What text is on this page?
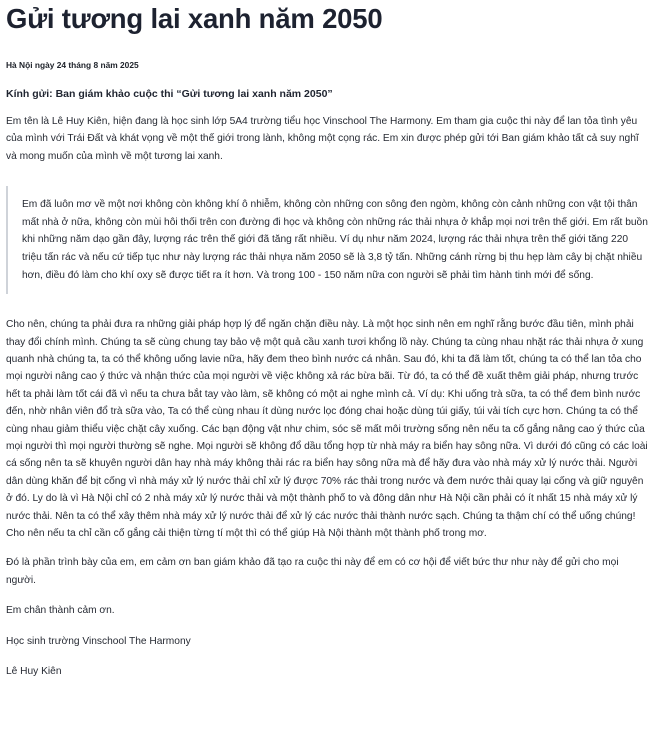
Gửi tương lai xanh năm 2050
Hà Nội ngày 24 tháng 8 năm 2025
Kính gửi: Ban giám khảo cuộc thi “Gửi tương lai xanh năm 2050”

Em tên là Lê Huy Kiên, hiện đang là học sinh lớp 5A4 trường tiểu học Vinschool The Harmony. Em tham gia cuộc thi này để lan tỏa tình yêu của mình với Trái Đất và khát vọng về một thế giới trong lành, không một cọng rác. Em xin được phép gửi tới Ban giám khảo tất cả suy nghĩ và mong muốn của mình về một tương lai xanh.

Em đã luôn mơ về một nơi không còn không khí ô nhiễm, không còn những con sông đen ngòm, không còn cảnh những con vật tội thân mất nhà ở nữa, không còn mùi hôi thối trên con đường đi học và không còn những rác thải nhựa ở khắp mọi nơi trên thế giới. Em rất buồn khi những năm dạo gần đây, lượng rác trên thế giới đã tăng rất nhiều. Ví dụ như năm 2024, lượng rác thải nhựa trên thế giới tăng 220 triệu tấn rác và nếu cứ tiếp tục như này lượng rác thải nhựa năm 2050 sẽ là 3,8 tỷ tấn. Những cánh rừng bị thu hẹp làm cây bị chặt nhiều hơn, điều đó làm cho khí oxy sẽ được tiết ra ít hơn. Và trong 100 - 150 năm nữa con người sẽ phải tìm hành tinh mới để sống.

Cho nên, chúng ta phải đưa ra những giải pháp hợp lý để ngăn chặn điều này. Là một học sinh nên em nghĩ rằng bước đầu tiên, mình phải thay đổi chính mình. Chúng ta sẽ cùng chung tay bảo vệ một quả cầu xanh tươi khổng lồ này. Chúng ta cùng nhau nhặt rác thải nhựa ở xung quanh nhà chúng ta, ta có thể không uống lavie nữa, hãy đem theo bình nước cá nhân. Sau đó, khi ta đã làm tốt, chúng ta có thể lan tỏa cho mọi người nâng cao ý thức và nhận thức của mọi người về việc không xả rác bừa bãi. Từ đó, ta có thể đề xuất thêm giải pháp, nhưng trước hết ta phải làm tốt cái đã vì nếu ta chưa bắt tay vào làm, sẽ không có một ai nghe mình cả. Ví dụ: Khi uống trà sữa, ta có thể đem bình nước đến, nhờ nhân viên đổ trà sữa vào, Ta có thể cùng nhau ít dùng nước lọc đóng chai hoặc dùng túi giấy, túi vải tích cực hơn. Chúng ta có thể cùng nhau giảm thiểu việc chặt cây xuống. Các bạn động vật như chim, sóc sẽ mất môi trường sống nên nếu ta cố gắng nâng cao ý thức của mọi người thì mọi người thường sẽ nghe. Mọi người sẽ không đổ dầu tổng hợp từ nhà máy ra biển hay sông nữa. Vì dưới đó cũng có các loài cá sống nên ta sẽ khuyên người dân hay nhà máy không thải rác ra biển hay sông nữa mà để hãy đưa vào nhà máy xử lý nước thải. Người dân dùng khăn để bịt cống vì nhà máy xử lý nước thải chỉ xử lý được 70% rác thải trong nước và đem nước thải quay lại cống và giữ nguyên ở đó. Ly do là vì Hà Nội chỉ có 2 nhà máy xử lý nước thải và một thành phố to và đông dân như Hà Nội cần phải có ít nhất 15 nhà máy xử lý nước thải. Nên ta có thể xây thêm nhà máy xử lý nước thải để xử lý các nước thải thành nước sạch. Chúng ta thậm chí có thể uống chúng! Cho nên nếu ta chỉ cần cố gắng cải thiện từng tí một thì có thể giúp Hà Nội thành một thành phố trong mơ.

Đó là phần trình bày của em, em cảm ơn ban giám khảo đã tạo ra cuộc thi này để em có cơ hội để viết bức thư như này để gửi cho mọi người.

Em chân thành cảm ơn.

Học sinh trường Vinschool The Harmony

Lê Huy Kiên
